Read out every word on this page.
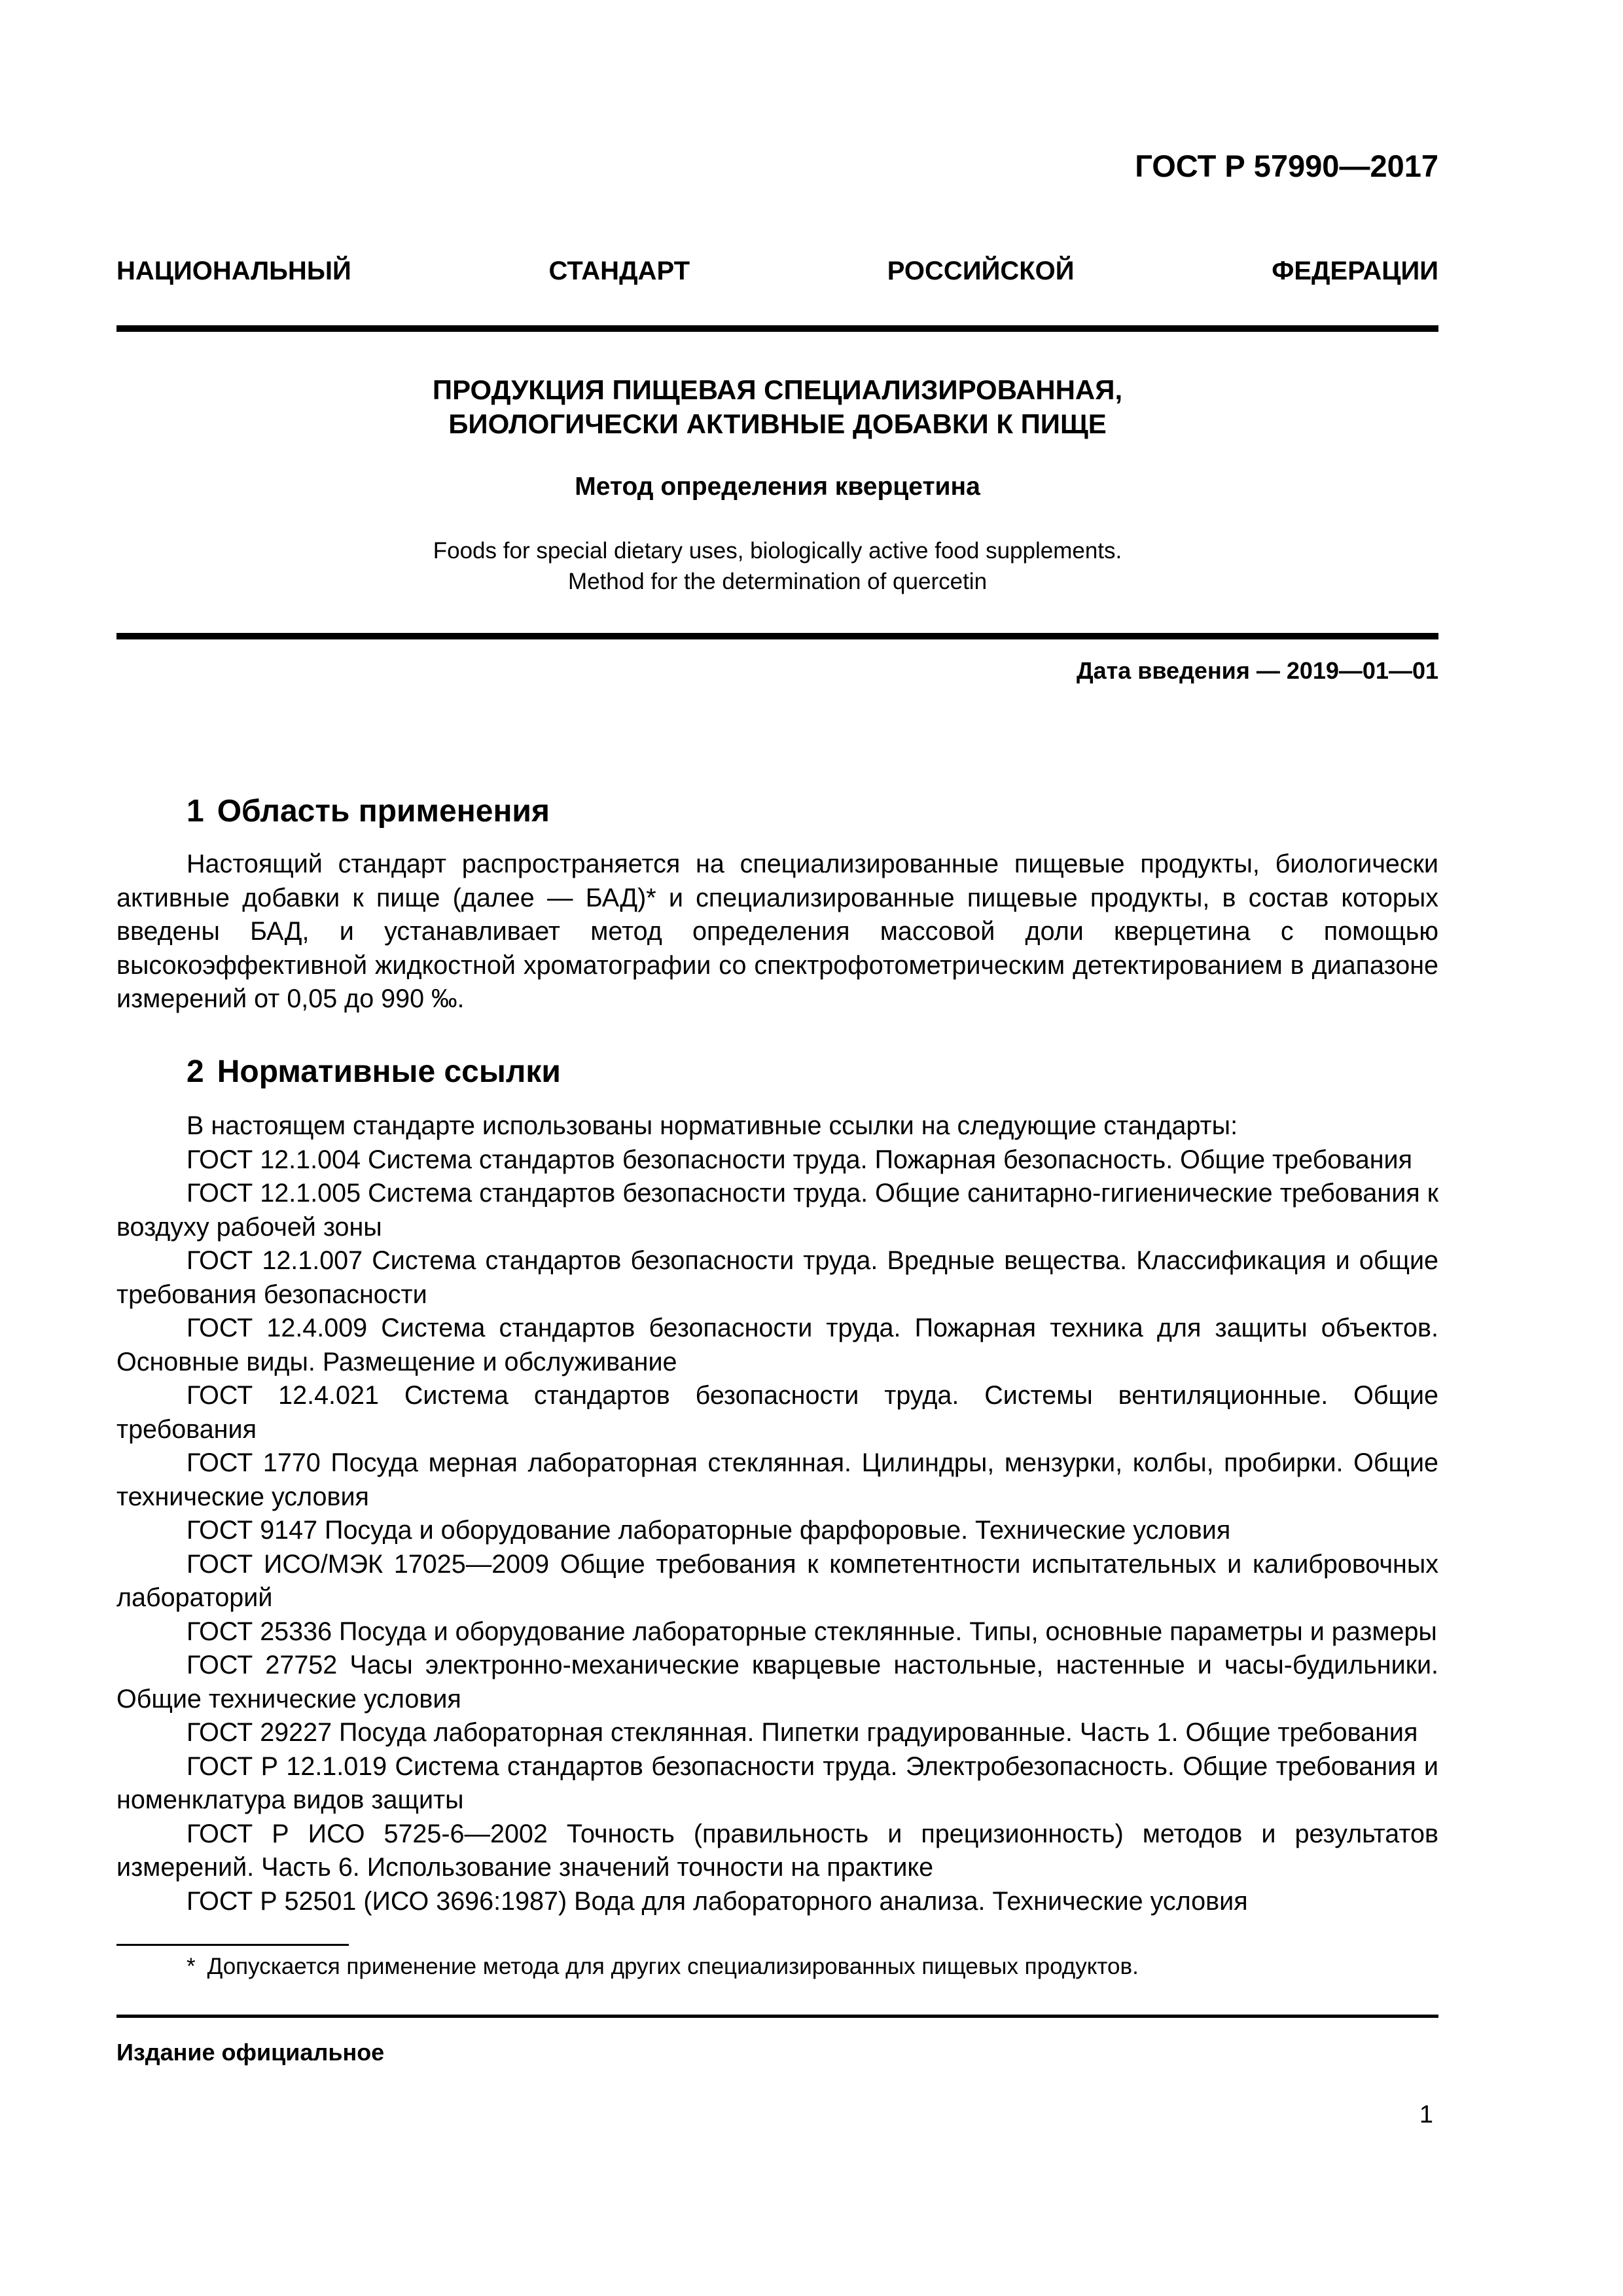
ГОСТ Р 57990—2017
НАЦИОНАЛЬНЫЙ	СТАНДАРТ	РОССИЙСКОЙ	ФЕДЕРАЦИИ
ПРОДУКЦИЯ ПИЩЕВАЯ СПЕЦИАЛИЗИРОВАННАЯ,
БИОЛОГИЧЕСКИ АКТИВНЫЕ ДОБАВКИ К ПИЩЕ
Метод определения кверцетина
Foods for special dietary uses, biologically active food supplements.
Method for the determination of quercetin
Дата введения — 2019—01—01
1 Область применения

Настоящий стандарт распространяется на специализированные пищевые продукты, биологически активные добавки к пище (далее — БАД)* и специализированные пищевые продукты, в состав которых введены БАД, и устанавливает метод определения массовой доли кверцетина с помощью высокоэффективной жидкостной хроматографии со спектрофотометрическим детектированием в диапазоне измерений от 0,05 до 990 ‰.

2 Нормативные ссылки

В настоящем стандарте использованы нормативные ссылки на следующие стандарты:

ГОСТ 12.1.004 Система стандартов безопасности труда. Пожарная безопасность. Общие требования

ГОСТ 12.1.005 Система стандартов безопасности труда. Общие санитарно-гигиенические требования к воздуху рабочей зоны

ГОСТ 12.1.007 Система стандартов безопасности труда. Вредные вещества. Классификация и общие требования безопасности

ГОСТ 12.4.009 Система стандартов безопасности труда. Пожарная техника для защиты объектов. Основные виды. Размещение и обслуживание

ГОСТ 12.4.021 Система стандартов безопасности труда. Системы вентиляционные. Общие требования

ГОСТ 1770 Посуда мерная лабораторная стеклянная. Цилиндры, мензурки, колбы, пробирки. Общие технические условия

ГОСТ 9147 Посуда и оборудование лабораторные фарфоровые. Технические условия

ГОСТ ИСО/МЭК 17025—2009 Общие требования к компетентности испытательных и калибровочных лабораторий

ГОСТ 25336 Посуда и оборудование лабораторные стеклянные. Типы, основные параметры и размеры

ГОСТ 27752 Часы электронно-механические кварцевые настольные, настенные и часы-будильники. Общие технические условия

ГОСТ 29227 Посуда лабораторная стеклянная. Пипетки градуированные. Часть 1. Общие требования

ГОСТ Р 12.1.019 Система стандартов безопасности труда. Электробезопасность. Общие требования и номенклатура видов защиты

ГОСТ Р ИСО 5725-6—2002 Точность (правильность и прецизионность) методов и результатов измерений. Часть 6. Использование значений точности на практике

ГОСТ Р 52501 (ИСО 3696:1987) Вода для лабораторного анализа. Технические условия

* Допускается применение метода для других специализированных пищевых продуктов.
Издание официальное
1
